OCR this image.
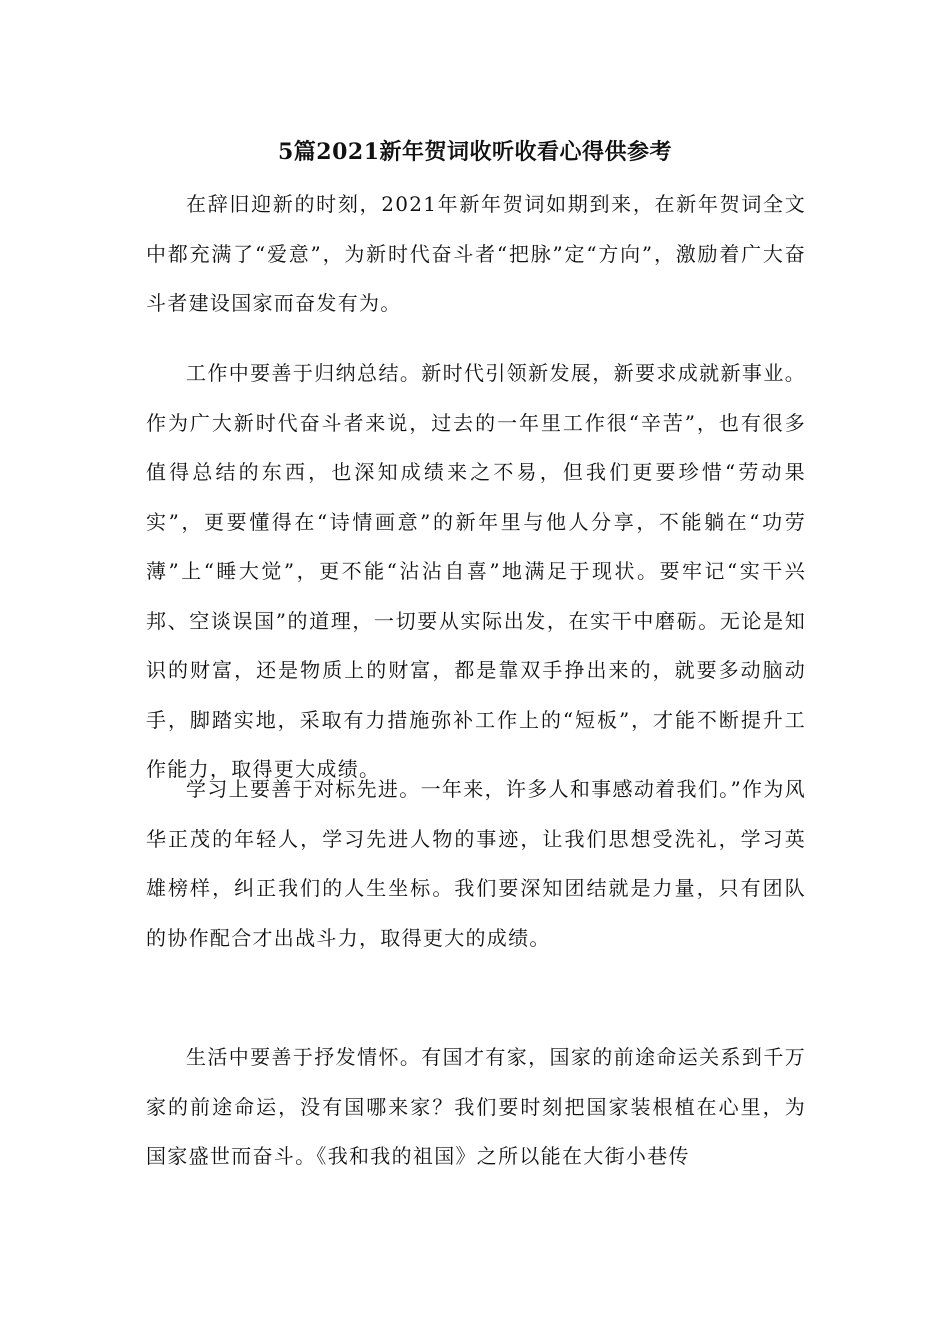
5篇2021新年贺词收听收看心得供参考

在辞旧迎新的时刻，2021年新年贺词如期到来，在新年贺词全文中都充满了“爱意”，为新时代奋斗者“把脉”定“方向”，激励着广大奋斗者建设国家而奋发有为。

工作中要善于归纳总结。新时代引领新发展，新要求成就新事业。作为广大新时代奋斗者来说，过去的一年里工作很“辛苦”，也有很多值得总结的东西，也深知成绩来之不易，但我们更要珍惜“劳动果实”，更要懂得在“诗情画意”的新年里与他人分享，不能躺在“功劳薄”上“睡大觉”，更不能“沾沾自喜”地满足于现状。要牢记“实干兴邦、空谈误国”的道理，一切要从实际出发，在实干中磨砺。无论是知识的财富，还是物质上的财富，都是靠双手挣出来的，就要多动脑动手，脚踏实地，采取有力措施弥补工作上的“短板”，才能不断提升工作能力，取得更大成绩。

学习上要善于对标先进。一年来，许多人和事感动着我们。”作为风华正茂的年轻人，学习先进人物的事迹，让我们思想受洗礼，学习英雄榜样，纠正我们的人生坐标。我们要深知团结就是力量，只有团队的协作配合才出战斗力，取得更大的成绩。

生活中要善于抒发情怀。有国才有家，国家的前途命运关系到千万家的前途命运，没有国哪来家？我们要时刻把国家装根植在心里，为国家盛世而奋斗。《我和我的祖国》之所以能在大街小巷传
